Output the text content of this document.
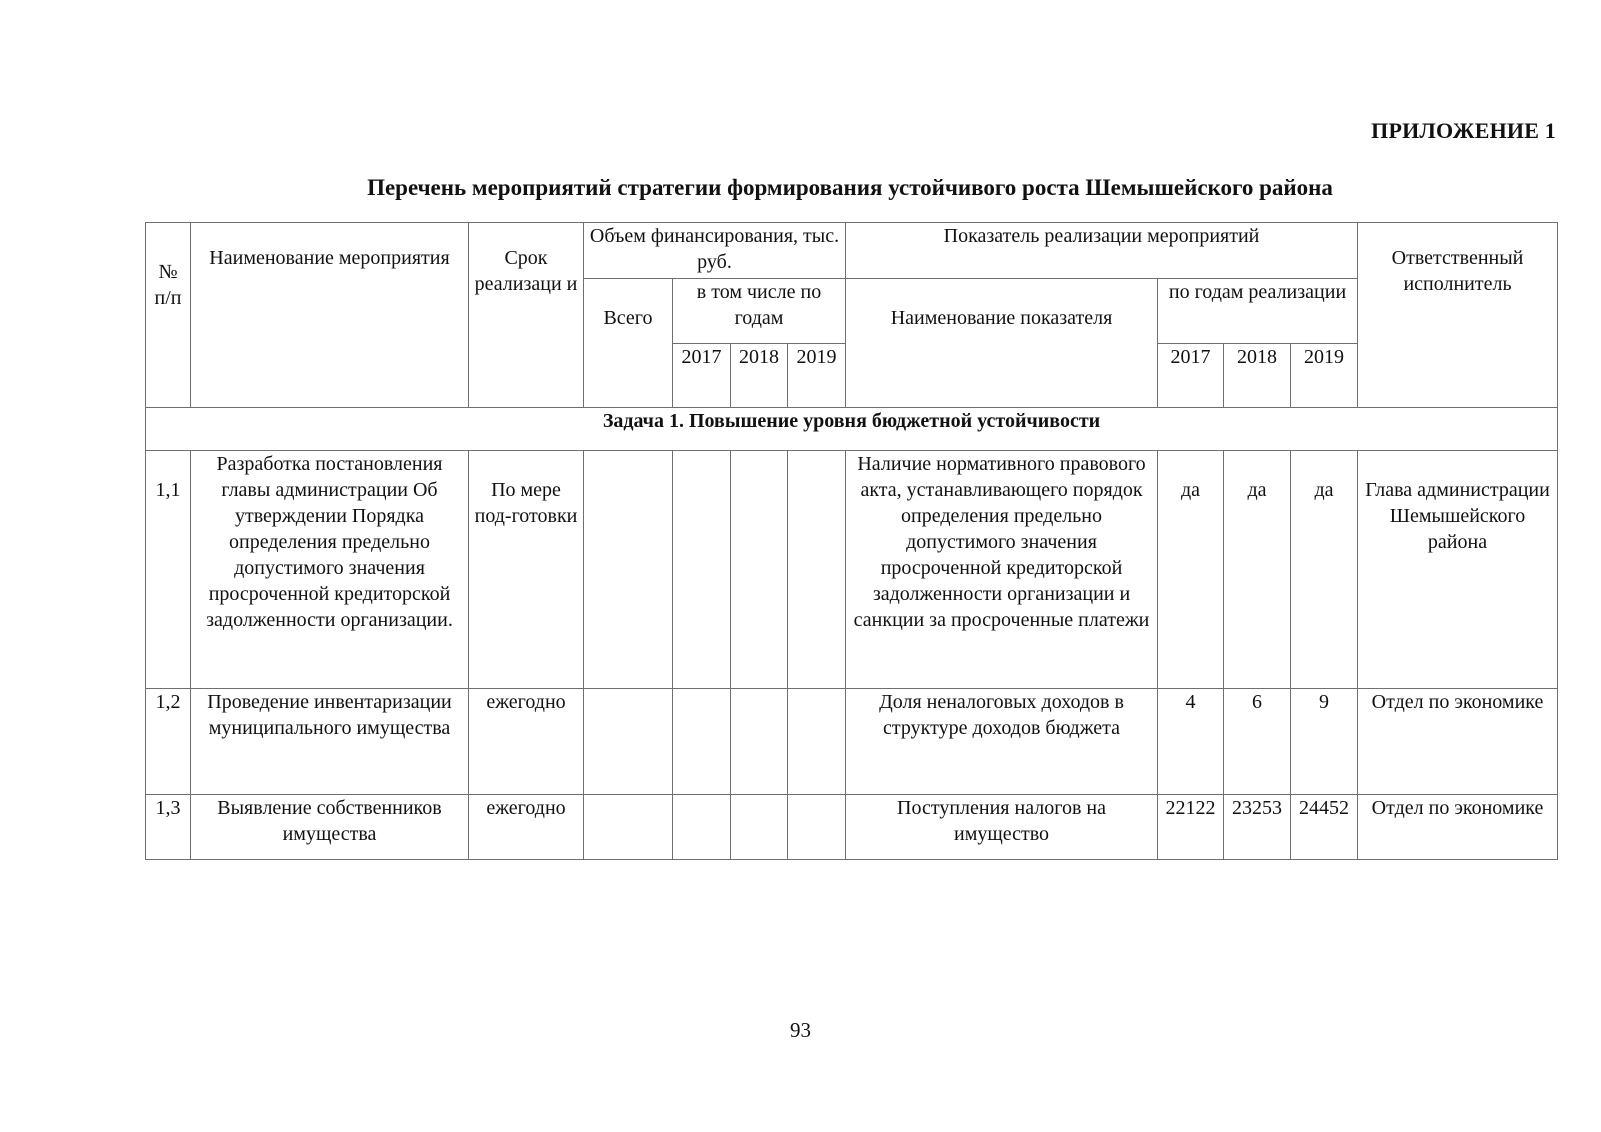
ПРИЛОЖЕНИЕ 1
Перечень мероприятий стратегии формирования устойчивого роста Шемышейского района
№ п/п	Наименование мероприятия	Срок реализаци и	Объем финансирования, тыс. руб.				Показатель реализации мероприятий				Ответственный исполнитель
			Всего	в том числе по годам			Наименование показателя	по годам реализации			
				2017	2018	2019		2017	2018	2019	
Задача 1. Повышение уровня бюджетной устойчивости											
1,1	Разработка постановления главы администрации Об утверждении Порядка определения предельно допустимого значения просроченной кредиторской задолженности организации.	По мере под-готовки					Наличие нормативного правового акта, устанавливающего порядок определения предельно допустимого значения просроченной кредиторской задолженности организации и санкции за просроченные платежи	да	да	да	Глава администрации Шемышейского района
1,2	Проведение инвентаризации муниципального имущества	ежегодно					Доля неналоговых доходов в структуре доходов бюджета	4	6	9	Отдел по экономике
1,3	Выявление собственников имущества	ежегодно					Поступления налогов на имущество	22122	23253	24452	Отдел по экономике
93
